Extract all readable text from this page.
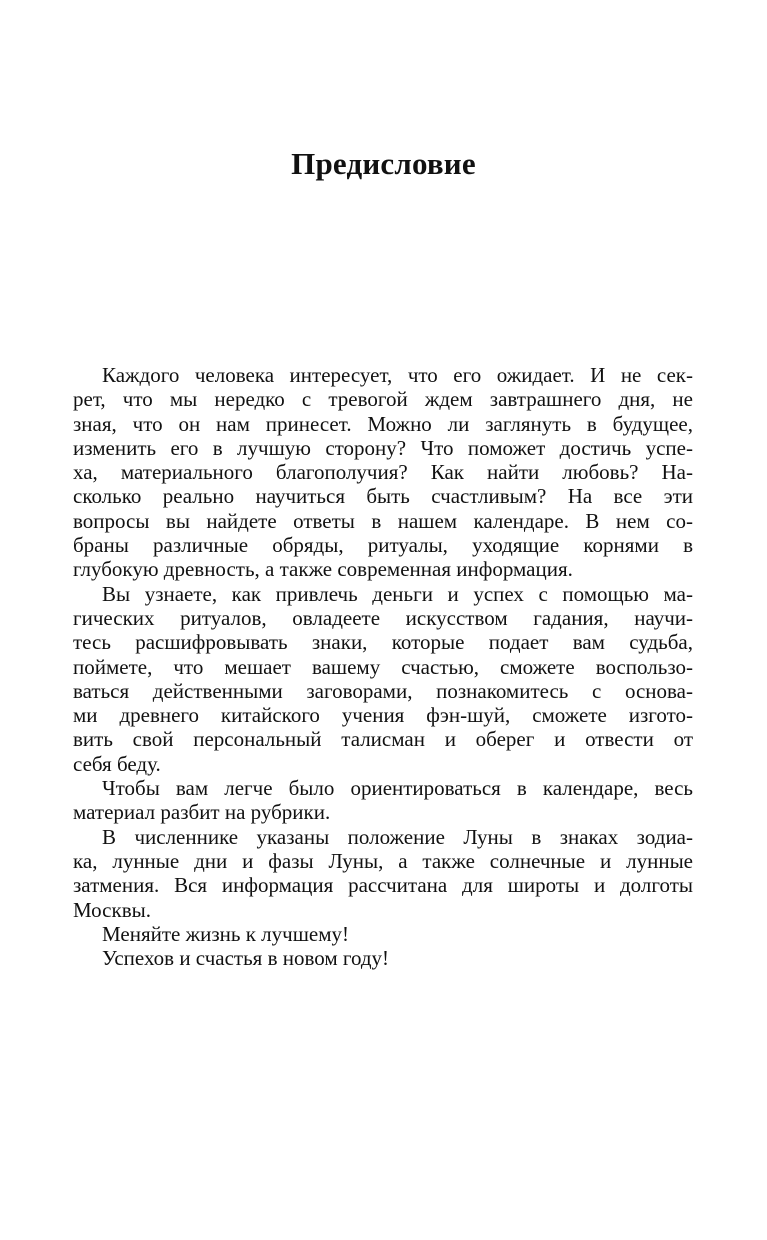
Предисловие
Каждого человека интересует, что его ожидает. И не сек-
рет, что мы нередко с тревогой ждем завтрашнего дня, не
зная, что он нам принесет. Можно ли заглянуть в будущее,
изменить его в лучшую сторону? Что поможет достичь успе-
ха, материального благополучия? Как найти любовь? На-
сколько реально научиться быть счастливым? На все эти
вопросы вы найдете ответы в нашем календаре. В нем со-
браны различные обряды, ритуалы, уходящие корнями в
глубокую древность, а также современная информация.
Вы узнаете, как привлечь деньги и успех с помощью ма-
гических ритуалов, овладеете искусством гадания, научи-
тесь расшифровывать знаки, которые подает вам судьба,
поймете, что мешает вашему счастью, сможете воспользо-
ваться действенными заговорами, познакомитесь с основа-
ми древнего китайского учения фэн-шуй, сможете изгото-
вить свой персональный талисман и оберег и отвести от
себя беду.
Чтобы вам легче было ориентироваться в календаре, весь
материал разбит на рубрики.
В численнике указаны положение Луны в знаках зодиа-
ка, лунные дни и фазы Луны, а также солнечные и лунные
затмения. Вся информация рассчитана для широты и долготы
Москвы.
Меняйте жизнь к лучшему!
Успехов и счастья в новом году!
